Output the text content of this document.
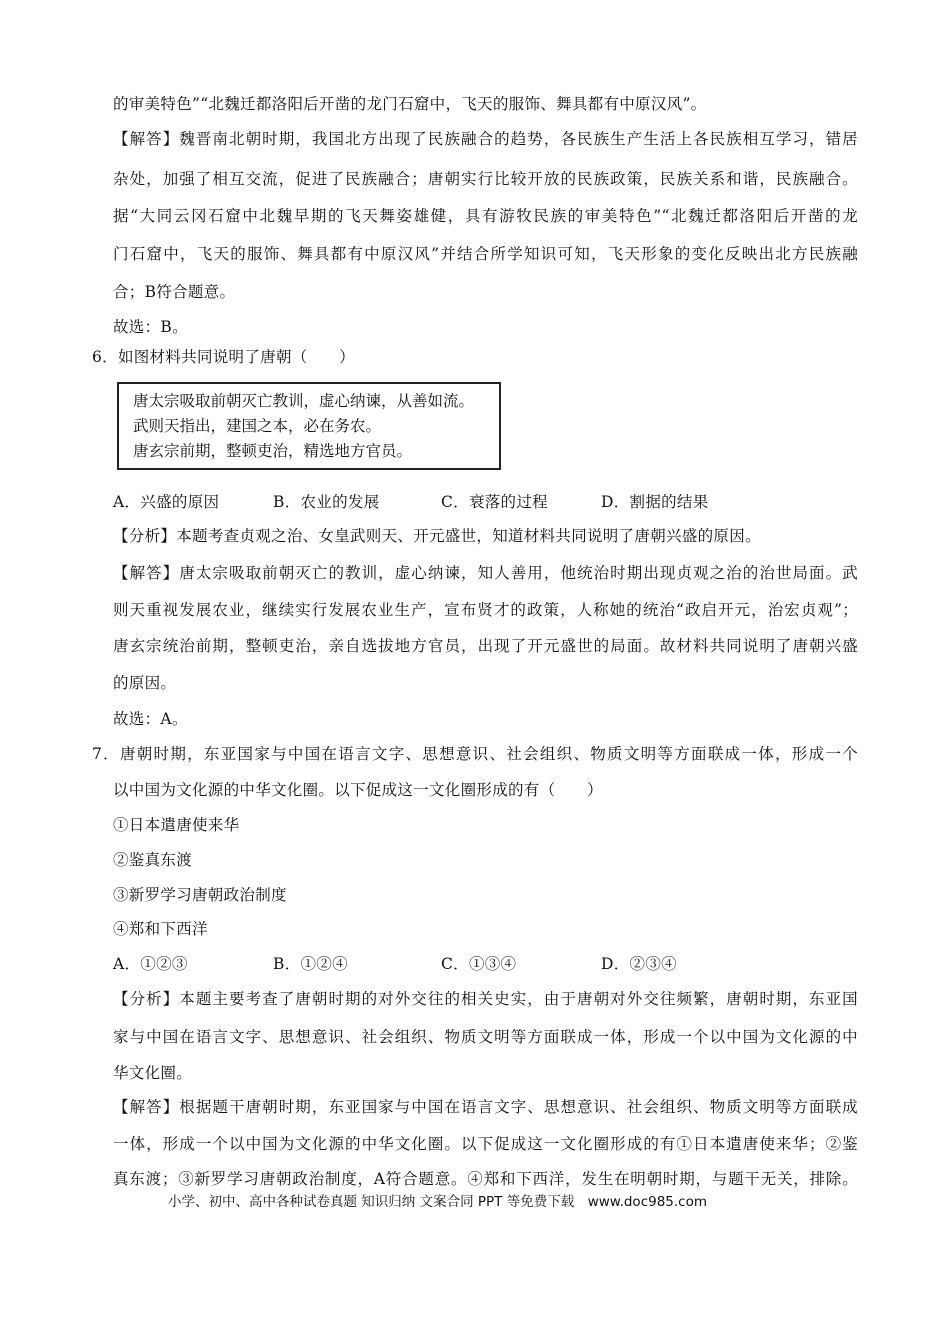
的审美特色”“北魏迁都洛阳后开凿的龙门石窟中，飞天的服饰、舞具都有中原汉风”。
【解答】魏晋南北朝时期，我国北方出现了民族融合的趋势，各民族生产生活上各民族相互学习，错居
杂处，加强了相互交流，促进了民族融合；唐朝实行比较开放的民族政策，民族关系和谐，民族融合。
据“大同云冈石窟中北魏早期的飞天舞姿雄健，具有游牧民族的审美特色”“北魏迁都洛阳后开凿的龙
门石窟中，飞天的服饰、舞具都有中原汉风”并结合所学知识可知，飞天形象的变化反映出北方民族融
合；B符合题意。
故选：B。
6．如图材料共同说明了唐朝（　　）
唐太宗吸取前朝灭亡教训，虚心纳谏，从善如流。
武则天指出，建国之本，必在务农。
唐玄宗前期，整顿吏治，精选地方官员。
A．兴盛的原因	B．农业的发展	C．衰落的过程	D．割据的结果
【分析】本题考查贞观之治、女皇武则天、开元盛世，知道材料共同说明了唐朝兴盛的原因。
【解答】唐太宗吸取前朝灭亡的教训，虚心纳谏，知人善用，他统治时期出现贞观之治的治世局面。武
则天重视发展农业，继续实行发展农业生产，宣布贤才的政策，人称她的统治“政启开元，治宏贞观”；
唐玄宗统治前期，整顿吏治，亲自选拔地方官员，出现了开元盛世的局面。故材料共同说明了唐朝兴盛
的原因。
故选：A。
7．唐朝时期，东亚国家与中国在语言文字、思想意识、社会组织、物质文明等方面联成一体，形成一个
以中国为文化源的中华文化圈。以下促成这一文化圈形成的有（　　）
①日本遣唐使来华
②鉴真东渡
③新罗学习唐朝政治制度
④郑和下西洋
A．①②③	B．①②④	C．①③④	D．②③④
【分析】本题主要考查了唐朝时期的对外交往的相关史实，由于唐朝对外交往频繁，唐朝时期，东亚国
家与中国在语言文字、思想意识、社会组织、物质文明等方面联成一体，形成一个以中国为文化源的中
华文化圈。
【解答】根据题干唐朝时期，东亚国家与中国在语言文字、思想意识、社会组织、物质文明等方面联成
一体，形成一个以中国为文化源的中华文化圈。以下促成这一文化圈形成的有①日本遣唐使来华；②鉴
真东渡；③新罗学习唐朝政治制度，A符合题意。④郑和下西洋，发生在明朝时期，与题干无关，排除。
小学、初中、高中各种试卷真题 知识归纳 文案合同 PPT 等免费下载　www.doc985.com
